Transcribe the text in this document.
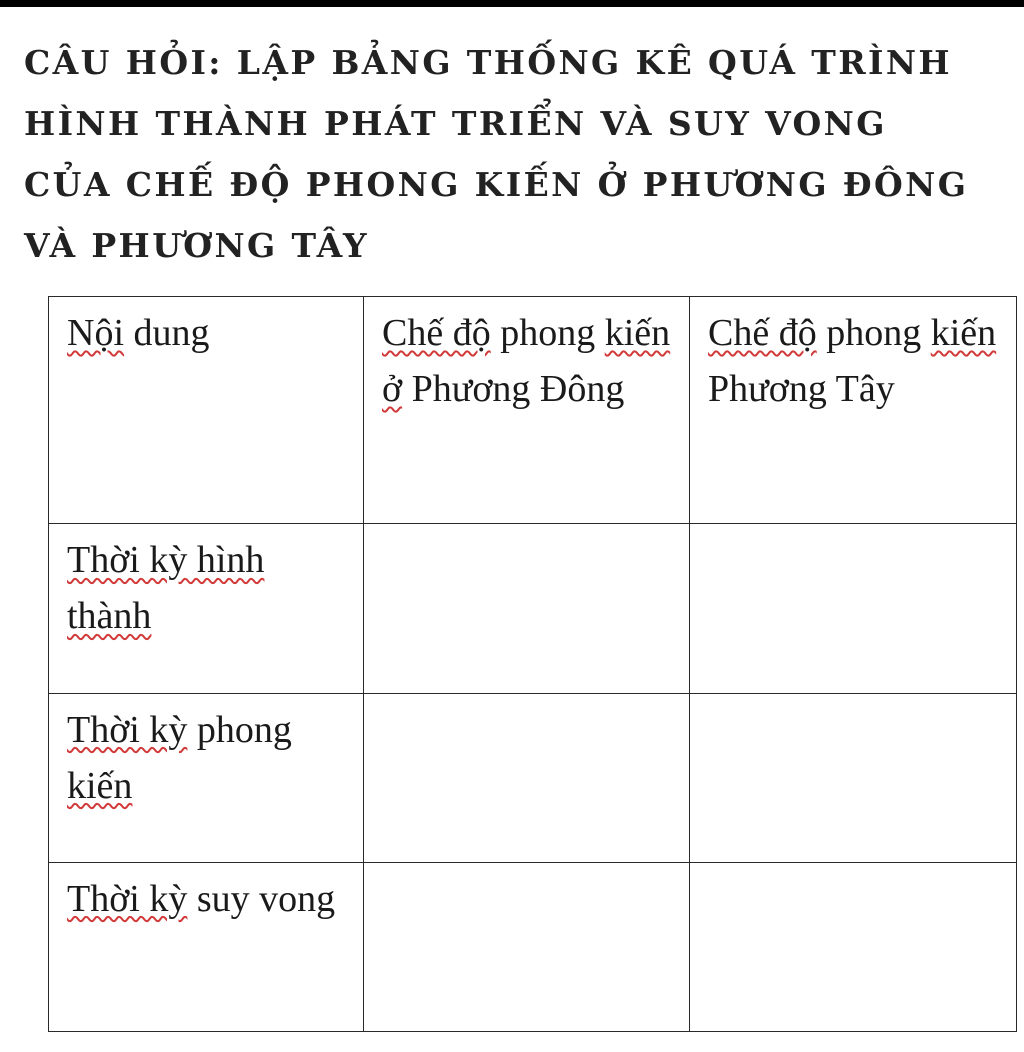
CÂU HỎI: LẬP BẢNG THỐNG KÊ QUÁ TRÌNH HÌNH THÀNH PHÁT TRIỂN VÀ SUY VONG CỦA CHẾ ĐỘ PHONG KIẾN Ở PHƯƠNG ĐÔNG VÀ PHƯƠNG TÂY

Nội dung	Chế độ phong kiến ở Phương Đông	Chế độ phong kiến Phương Tây
Thời kỳ hình thành		
Thời kỳ phong kiến		
Thời kỳ suy vong		
